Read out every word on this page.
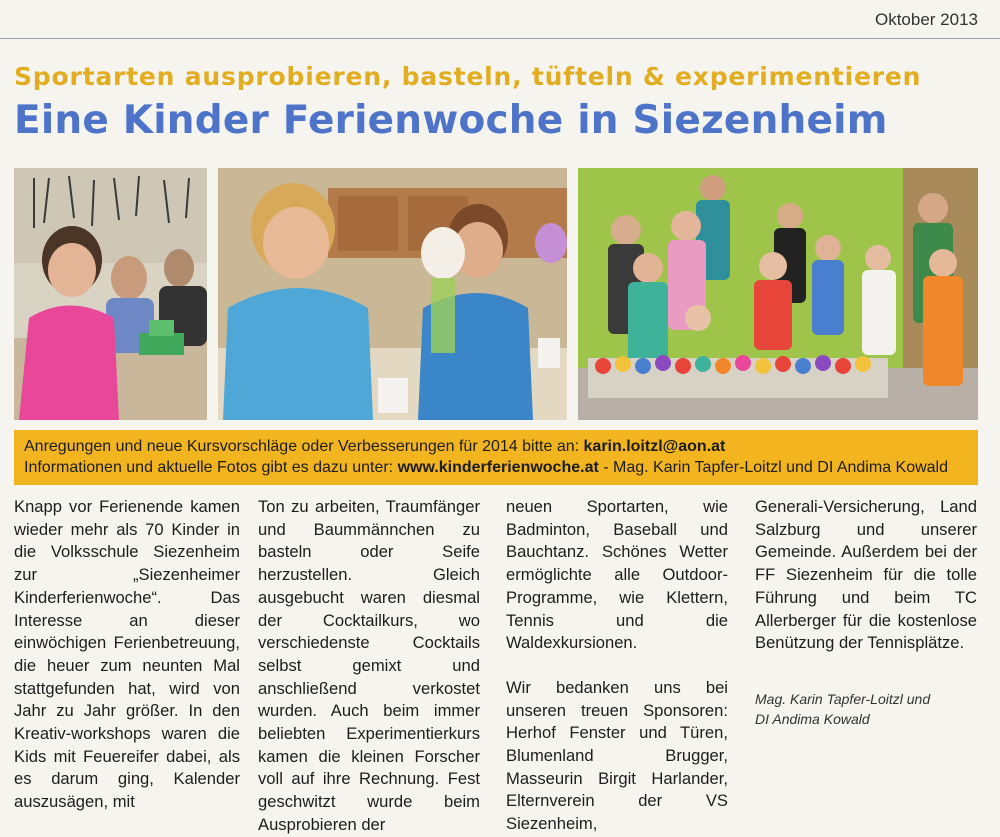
Oktober 2013
Sportarten ausprobieren, basteln, tüfteln & experimentieren
Eine Kinder Ferienwoche in Siezenheim

Anregungen und neue Kursvorschläge oder Verbesserungen für 2014 bitte an: karin.loitzl@aon.at

Informationen und aktuelle Fotos gibt es dazu unter: www.kinderferienwoche.at - Mag. Karin Tapfer-Loitzl und DI Andima Kowald

Knapp vor Ferienende kamen wieder mehr als 70 Kinder in die Volksschule Siezenheim zur „Siezenheimer Kinderferienwoche“. Das Interesse an dieser einwöchigen Ferienbetreuung, die heuer zum neunten Mal stattgefunden hat, wird von Jahr zu Jahr größer. In den Kreativ-workshops waren die Kids mit Feuereifer dabei, als es darum ging, Kalender auszusägen, mit

Ton zu arbeiten, Traumfänger und Baummännchen zu basteln oder Seife herzustellen. Gleich ausgebucht waren diesmal der Cocktailkurs, wo verschiedenste Cocktails selbst gemixt und anschließend verkostet wurden. Auch beim immer beliebten Experimentierkurs kamen die kleinen Forscher voll auf ihre Rechnung. Fest geschwitzt wurde beim Ausprobieren der

neuen Sportarten, wie Badminton, Baseball und Bauchtanz. Schönes Wetter ermöglichte alle Outdoor-Programme, wie Klettern, Tennis und die Waldexkursionen.

Wir bedanken uns bei unseren treuen Sponsoren: Herhof Fenster und Türen, Blumenland Brugger, Masseurin Birgit Harlander, Elternverein der VS Siezenheim,

Generali-Versicherung, Land Salzburg und unserer Gemeinde. Außerdem bei der FF Siezenheim für die tolle Führung und beim TC Allerberger für die kostenlose Benützung der Tennisplätze.

Mag. Karin Tapfer-Loitzl und

DI Andima Kowald
